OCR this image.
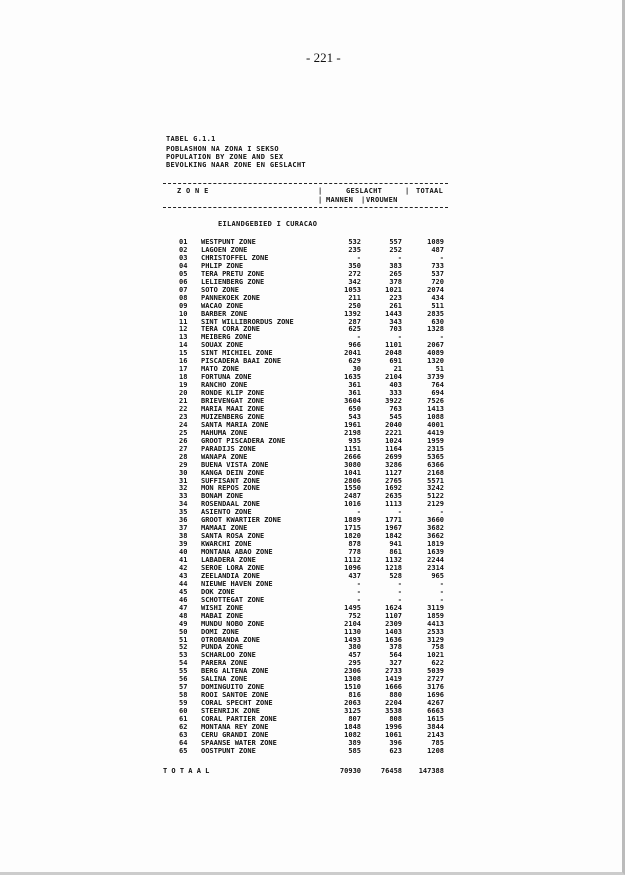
- 221 -
TABEL G.1.1
POBLASHON NA ZONA I SEKSO
POPULATION BY ZONE AND SEX
BEVOLKING NAAR ZONE EN GESLACHT
Z O N E	|	GESLACHT	| TOTAAL
| MANNEN | VROUWEN
EILANDGEBIED I CURACAO
01 WESTPUNT ZONE	532	557	1089
02 LAGOEN ZONE	235	252	487
03 CHRISTOFFEL ZONE	-	-	-
04 PHLIP ZONE	350	383	733
05 TERA PRETU ZONE	272	265	537
06 LELIENBERG ZONE	342	378	720
07 SOTO ZONE	1053	1021	2074
08 PANNEKOEK ZONE	211	223	434
09 WACAO ZONE	250	261	511
10 BARBER ZONE	1392	1443	2835
11 SINT WILLIBRORDUS ZONE	287	343	630
12 TERA CORA ZONE	625	703	1328
13 MEIBERG ZONE	-	-	-
14 SOUAX ZONE	966	1101	2067
15 SINT MICHIEL ZONE	2041	2048	4089
16 PISCADERA BAAI ZONE	629	691	1320
17 MATO ZONE	30	21	51
18 FORTUNA ZONE	1635	2104	3739
19 RANCHO ZONE	361	403	764
20 RONDE KLIP ZONE	361	333	694
21 BRIEVENGAT ZONE	3604	3922	7526
22 MARIA MAAI ZONE	650	763	1413
23 MUIZENBERG ZONE	543	545	1088
24 SANTA MARIA ZONE	1961	2040	4001
25 MAHUMA ZONE	2198	2221	4419
26 GROOT PISCADERA ZONE	935	1024	1959
27 PARADIJS ZONE	1151	1164	2315
28 WANAPA ZONE	2666	2699	5365
29 BUENA VISTA ZONE	3080	3286	6366
30 KANGA DEIN ZONE	1041	1127	2168
31 SUFFISANT ZONE	2806	2765	5571
32 MON REPOS ZONE	1550	1692	3242
33 BONAM ZONE	2487	2635	5122
34 ROSENDAAL ZONE	1016	1113	2129
35 ASIENTO ZONE	-	-	-
36 GROOT KWARTIER ZONE	1889	1771	3660
37 MAMAAI ZONE	1715	1967	3682
38 SANTA ROSA ZONE	1820	1842	3662
39 KWARCHI ZONE	878	941	1819
40 MONTANA ABAO ZONE	778	861	1639
41 LABADERA ZONE	1112	1132	2244
42 SEROE LORA ZONE	1096	1218	2314
43 ZEELANDIA ZONE	437	528	965
44 NIEUWE HAVEN ZONE	-	-	-
45 DOK ZONE	-	-	-
46 SCHOTTEGAT ZONE	-	-	-
47 WISHI ZONE	1495	1624	3119
48 MABAI ZONE	752	1107	1859
49 MUNDU NOBO ZONE	2104	2309	4413
50 DOMI ZONE	1130	1403	2533
51 OTROBANDA ZONE	1493	1636	3129
52 PUNDA ZONE	380	378	758
53 SCHARLOO ZONE	457	564	1021
54 PARERA ZONE	295	327	622
55 BERG ALTENA ZONE	2306	2733	5039
56 SALINA ZONE	1308	1419	2727
57 DOMINGUITO ZONE	1510	1666	3176
58 ROOI SANTOE ZONE	816	880	1696
59 CORAL SPECHT ZONE	2063	2204	4267
60 STEENRIJK ZONE	3125	3538	6663
61 CORAL PARTIER ZONE	807	808	1615
62 MONTANA REY ZONE	1848	1996	3844
63 CERU GRANDI ZONE	1082	1061	2143
64 SPAANSE WATER ZONE	389	396	785
65 OOSTPUNT ZONE	585	623	1208
T O T A A L	70930	76458 147388
